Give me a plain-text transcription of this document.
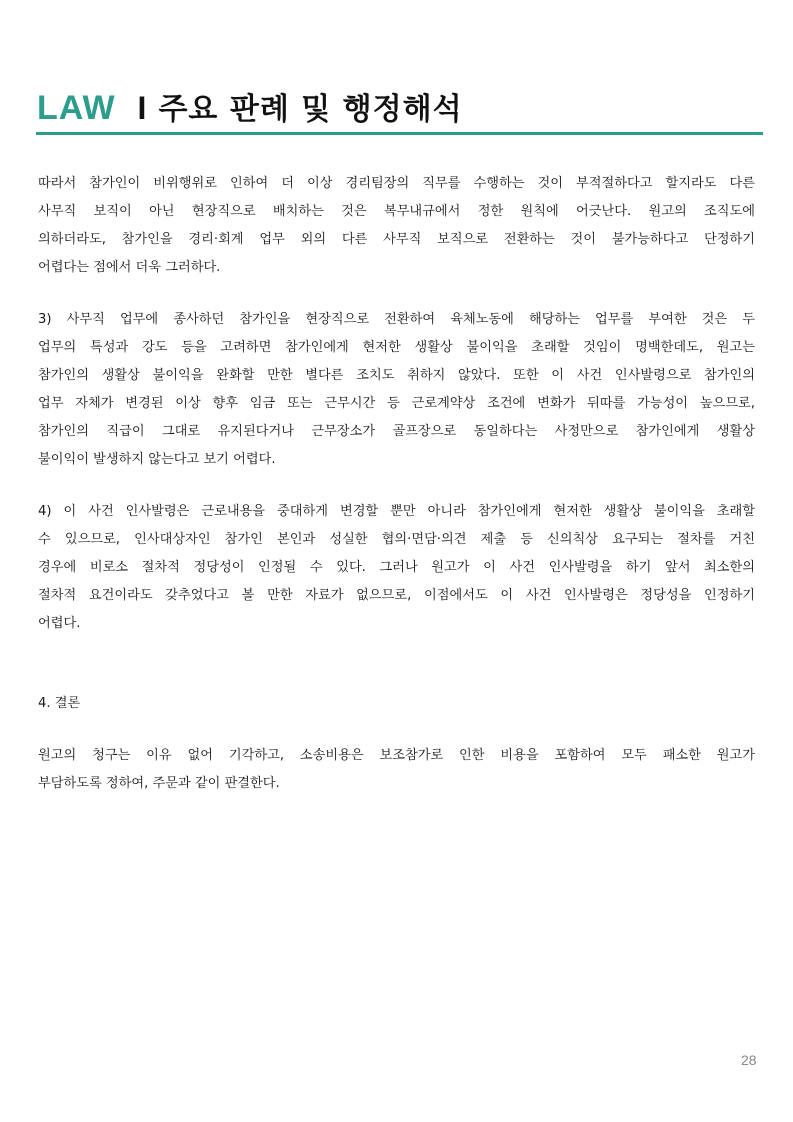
LAW I 주요 판례 및 행정해석

따라서 참가인이 비위행위로 인하여 더 이상 경리팀장의 직무를 수행하는 것이 부적절하다고 할지라도 다른
사무직 보직이 아닌 현장직으로 배치하는 것은 복무내규에서 정한 원칙에 어긋난다. 원고의 조직도에
의하더라도, 참가인을 경리·회계 업무 외의 다른 사무직 보직으로 전환하는 것이 불가능하다고 단정하기
어렵다는 점에서 더욱 그러하다.

3) 사무직 업무에 종사하던 참가인을 현장직으로 전환하여 육체노동에 해당하는 업무를 부여한 것은 두
업무의 특성과 강도 등을 고려하면 참가인에게 현저한 생활상 불이익을 초래할 것임이 명백한데도, 원고는
참가인의 생활상 불이익을 완화할 만한 별다른 조치도 취하지 않았다. 또한 이 사건 인사발령으로 참가인의
업무 자체가 변경된 이상 향후 임금 또는 근무시간 등 근로계약상 조건에 변화가 뒤따를 가능성이 높으므로,
참가인의 직급이 그대로 유지된다거나 근무장소가 골프장으로 동일하다는 사정만으로 참가인에게 생활상
불이익이 발생하지 않는다고 보기 어렵다.

4) 이 사건 인사발령은 근로내용을 중대하게 변경할 뿐만 아니라 참가인에게 현저한 생활상 불이익을 초래할
수 있으므로, 인사대상자인 참가인 본인과 성실한 협의·면담·의견 제출 등 신의칙상 요구되는 절차를 거친
경우에 비로소 절차적 정당성이 인정될 수 있다. 그러나 원고가 이 사건 인사발령을 하기 앞서 최소한의
절차적 요건이라도 갖추었다고 볼 만한 자료가 없으므로, 이점에서도 이 사건 인사발령은 정당성을 인정하기
어렵다.

4. 결론

원고의 청구는 이유 없어 기각하고, 소송비용은 보조참가로 인한 비용을 포함하여 모두 패소한 원고가
부담하도록 정하여, 주문과 같이 판결한다.

28
